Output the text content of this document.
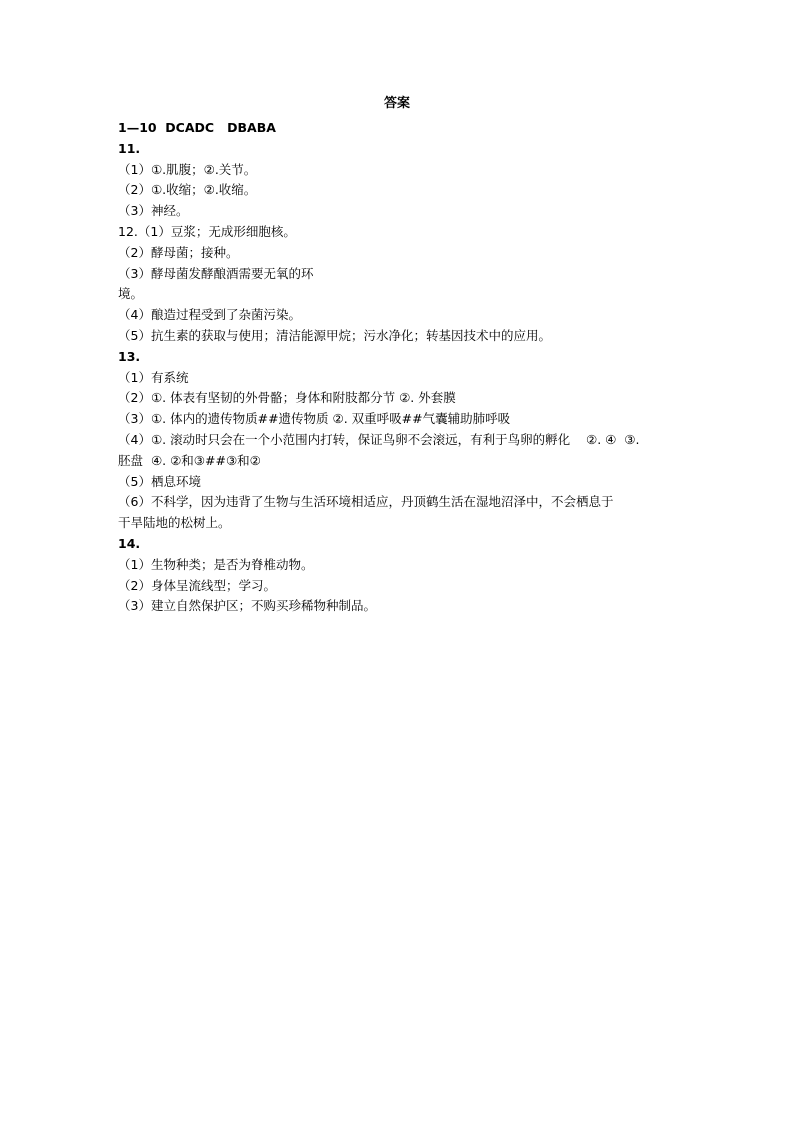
答案
1—10  DCADC   DBABA
11.
（1）①.肌腹；②.关节。
（2）①.收缩；②.收缩。
（3）神经。
12.（1）豆浆；无成形细胞核。
（2）酵母菌；接种。
（3）酵母菌发酵酿酒需要无氧的环
境。
（4）酿造过程受到了杂菌污染。
（5）抗生素的获取与使用；清洁能源甲烷；污水净化；转基因技术中的应用。
13.
（1）有系统
（2）①. 体表有坚韧的外骨骼；身体和附肢都分节 ②. 外套膜
（3）①. 体内的遗传物质##遗传物质 ②. 双重呼吸##气囊辅助肺呼吸
（4）①. 滚动时只会在一个小范围内打转，保证鸟卵不会滚远，有利于鸟卵的孵化    ②. ④  ③.
胚盘  ④. ②和③##③和②
（5）栖息环境
（6）不科学，因为违背了生物与生活环境相适应，丹顶鹤生活在湿地沼泽中，不会栖息于
干旱陆地的松树上。
14.
（1）生物种类；是否为脊椎动物。
（2）身体呈流线型；学习。
（3）建立自然保护区；不购买珍稀物种制品。
